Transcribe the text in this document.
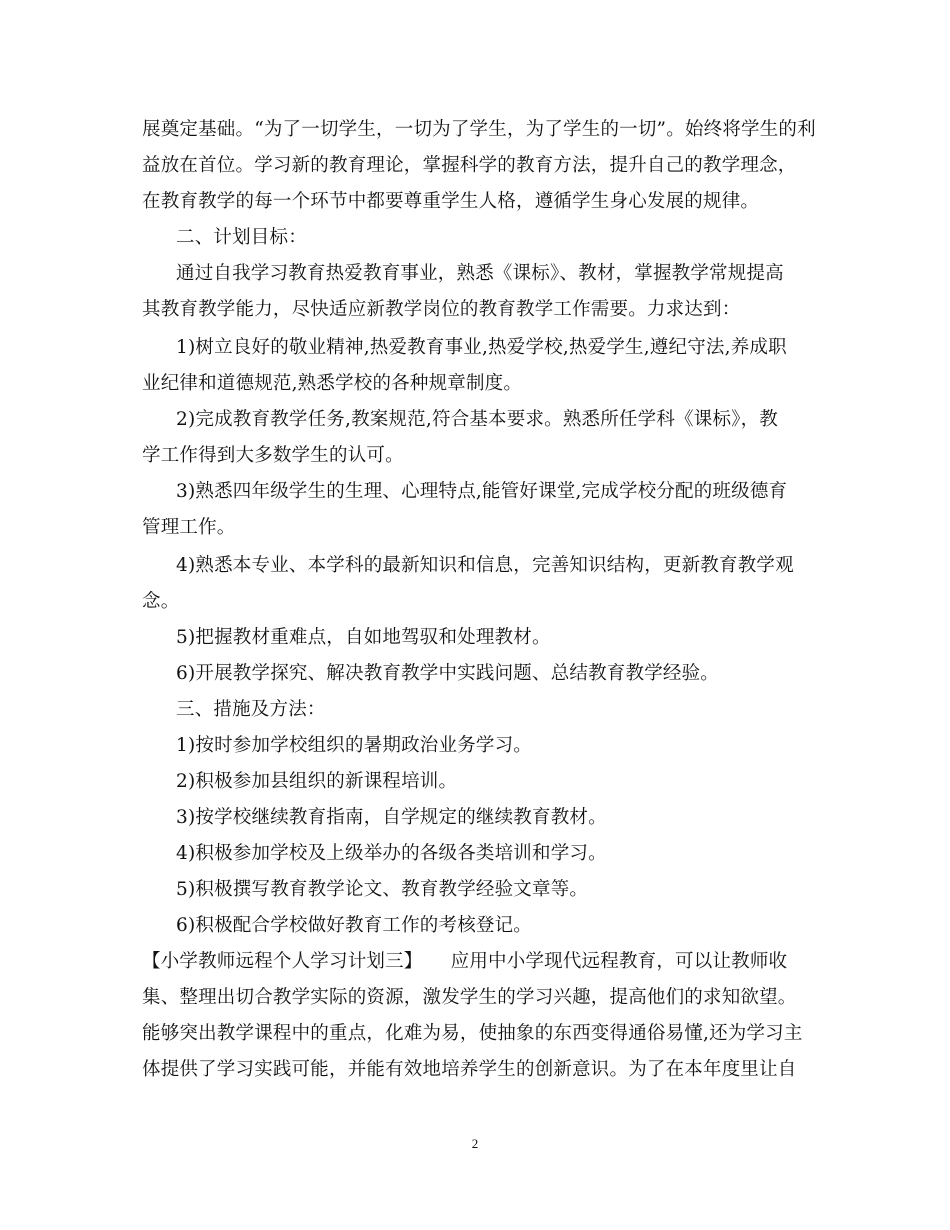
展奠定基础。“为了一切学生，一切为了学生，为了学生的一切”。始终将学生的利
益放在首位。学习新的教育理论，掌握科学的教育方法，提升自己的教学理念，
在教育教学的每一个环节中都要尊重学生人格，遵循学生身心发展的规律。
二、计划目标：
通过自我学习教育热爱教育事业，熟悉《课标》、教材，掌握教学常规提高
其教育教学能力，尽快适应新教学岗位的教育教学工作需要。力求达到：
1)树立良好的敬业精神,热爱教育事业,热爱学校,热爱学生,遵纪守法,养成职
业纪律和道德规范,熟悉学校的各种规章制度。
2)完成教育教学任务,教案规范,符合基本要求。熟悉所任学科《课标》，教
学工作得到大多数学生的认可。
3)熟悉四年级学生的生理、心理特点,能管好课堂,完成学校分配的班级德育
管理工作。
4)熟悉本专业、本学科的最新知识和信息，完善知识结构，更新教育教学观
念。
5)把握教材重难点，自如地驾驭和处理教材。
6)开展教学探究、解决教育教学中实践问题、总结教育教学经验。
三、措施及方法：
1)按时参加学校组织的暑期政治业务学习。
2)积极参加县组织的新课程培训。
3)按学校继续教育指南，自学规定的继续教育教材。
4)积极参加学校及上级举办的各级各类培训和学习。
5)积极撰写教育教学论文、教育教学经验文章等。
6)积极配合学校做好教育工作的考核登记。
【小学教师远程个人学习计划三】　　应用中小学现代远程教育，可以让教师收
集、整理出切合教学实际的资源，激发学生的学习兴趣，提高他们的求知欲望。
能够突出教学课程中的重点，化难为易，使抽象的东西变得通俗易懂,还为学习主
体提供了学习实践可能，并能有效地培养学生的创新意识。为了在本年度里让自
2
